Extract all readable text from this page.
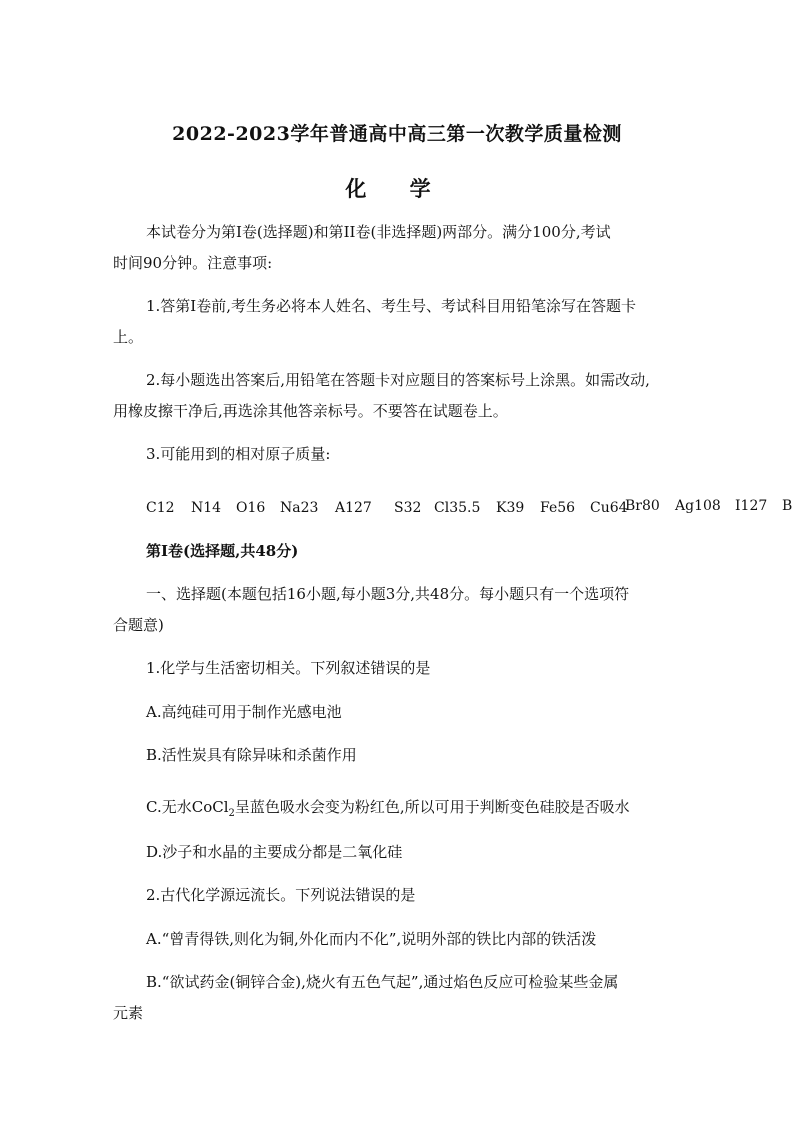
2022-2023学年普通高中高三第一次教学质量检测
化 学
本试卷分为第Ⅰ卷(选择题)和第II卷(非选择题)两部分。满分100分,考试
时间90分钟。注意事项:
1.答第Ⅰ卷前,考生务必将本人姓名、考生号、考试科目用铅笔涂写在答题卡
上。
2.每小题选出答案后,用铅笔在答题卡对应题目的答案标号上涂黑。如需改动,
用橡皮擦干净后,再选涂其他答亲标号。不要答在试题卷上。
3.可能用到的相对原子质量:
C12 N14 O16 Na23 A127 S32 Cl35.5 K39 Fe56 Cu64
Br80 Ag108 I127 B
第Ⅰ卷(选择题,共48分)
一、选择题(本题包括16小题,每小题3分,共48分。每小题只有一个选项符
合题意)
1.化学与生活密切相关。下列叙述错误的是
A.高纯硅可用于制作光感电池
B.活性炭具有除异味和杀菌作用
C.无水CoCl$_2$呈蓝色吸水会变为粉红色,所以可用于判断变色硅胶是否吸水
D.沙子和水晶的主要成分都是二氧化硅
2.古代化学源远流长。下列说法错误的是
A.“曾青得铁,则化为铜,外化而内不化”,说明外部的铁比内部的铁活泼
B.“欲试药金(铜锌合金),烧火有五色气起”,通过焰色反应可检验某些金属
元素
